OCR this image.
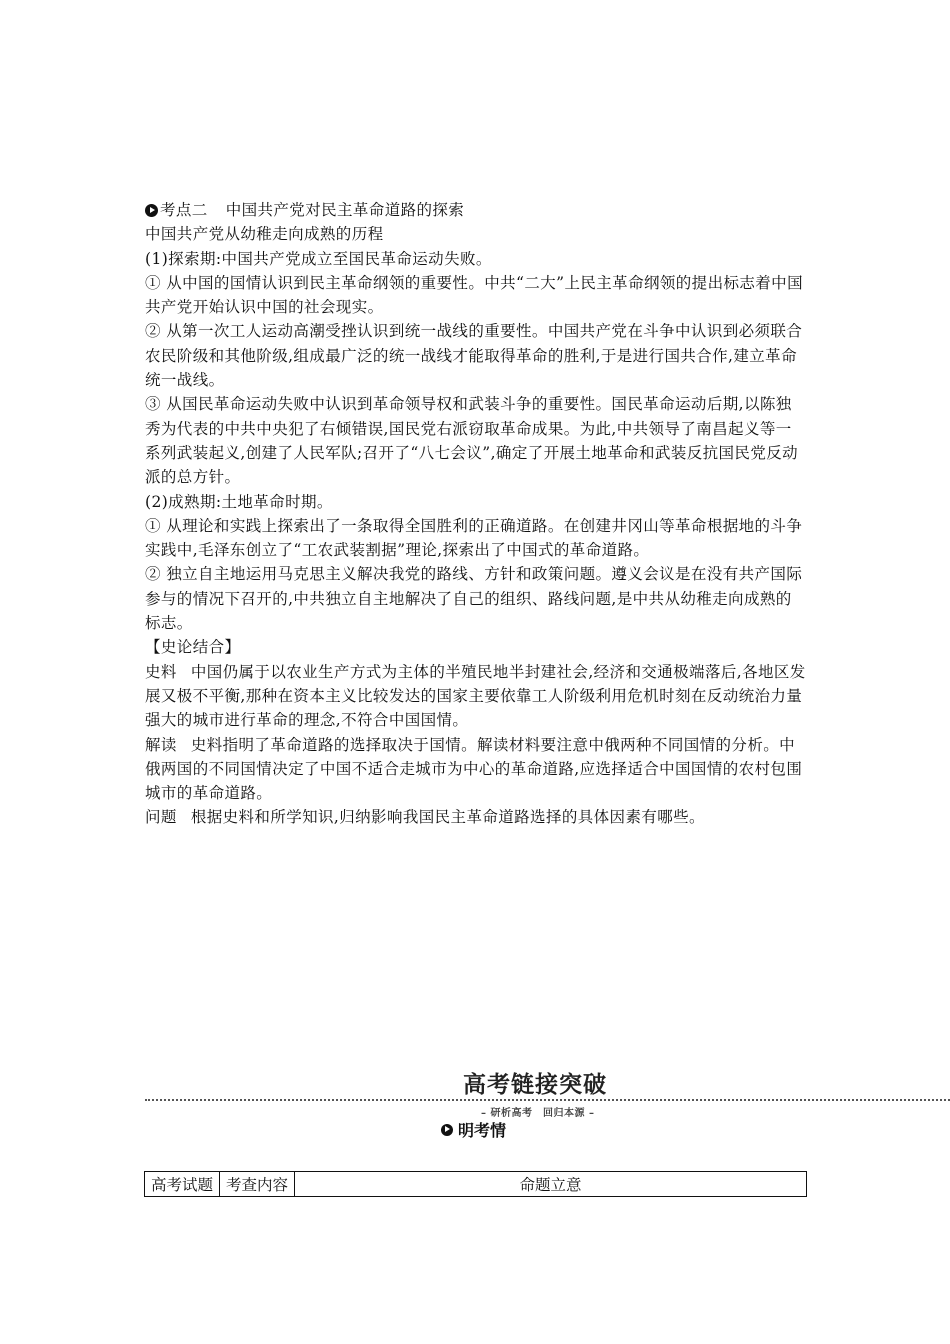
考点二 中国共产党对民主革命道路的探索

中国共产党从幼稚走向成熟的历程

(1)探索期:中国共产党成立至国民革命运动失败。

① 从中国的国情认识到民主革命纲领的重要性。中共“二大”上民主革命纲领的提出标志着中国共产党开始认识中国的社会现实。

② 从第一次工人运动高潮受挫认识到统一战线的重要性。中国共产党在斗争中认识到必须联合农民阶级和其他阶级,组成最广泛的统一战线才能取得革命的胜利,于是进行国共合作,建立革命统一战线。

③ 从国民革命运动失败中认识到革命领导权和武装斗争的重要性。国民革命运动后期,以陈独秀为代表的中共中央犯了右倾错误,国民党右派窃取革命成果。为此,中共领导了南昌起义等一系列武装起义,创建了人民军队;召开了“八七会议”,确定了开展土地革命和武装反抗国民党反动派的总方针。

(2)成熟期:土地革命时期。

① 从理论和实践上探索出了一条取得全国胜利的正确道路。在创建井冈山等革命根据地的斗争实践中,毛泽东创立了“工农武装割据”理论,探索出了中国式的革命道路。

② 独立自主地运用马克思主义解决我党的路线、方针和政策问题。遵义会议是在没有共产国际参与的情况下召开的,中共独立自主地解决了自己的组织、路线问题,是中共从幼稚走向成熟的标志。

【史论结合】

史料 中国仍属于以农业生产方式为主体的半殖民地半封建社会,经济和交通极端落后,各地区发展又极不平衡,那种在资本主义比较发达的国家主要依靠工人阶级利用危机时刻在反动统治力量强大的城市进行革命的理念,不符合中国国情。

解读 史料指明了革命道路的选择取决于国情。解读材料要注意中俄两种不同国情的分析。中俄两国的不同国情决定了中国不适合走城市为中心的革命道路,应选择适合中国国情的农村包围城市的革命道路。

问题 根据史料和所学知识,归纳影响我国民主革命道路选择的具体因素有哪些。

高考链接突破
– 研析高考　回归本源 –
明考情
高考试题	考查内容	命题立意
